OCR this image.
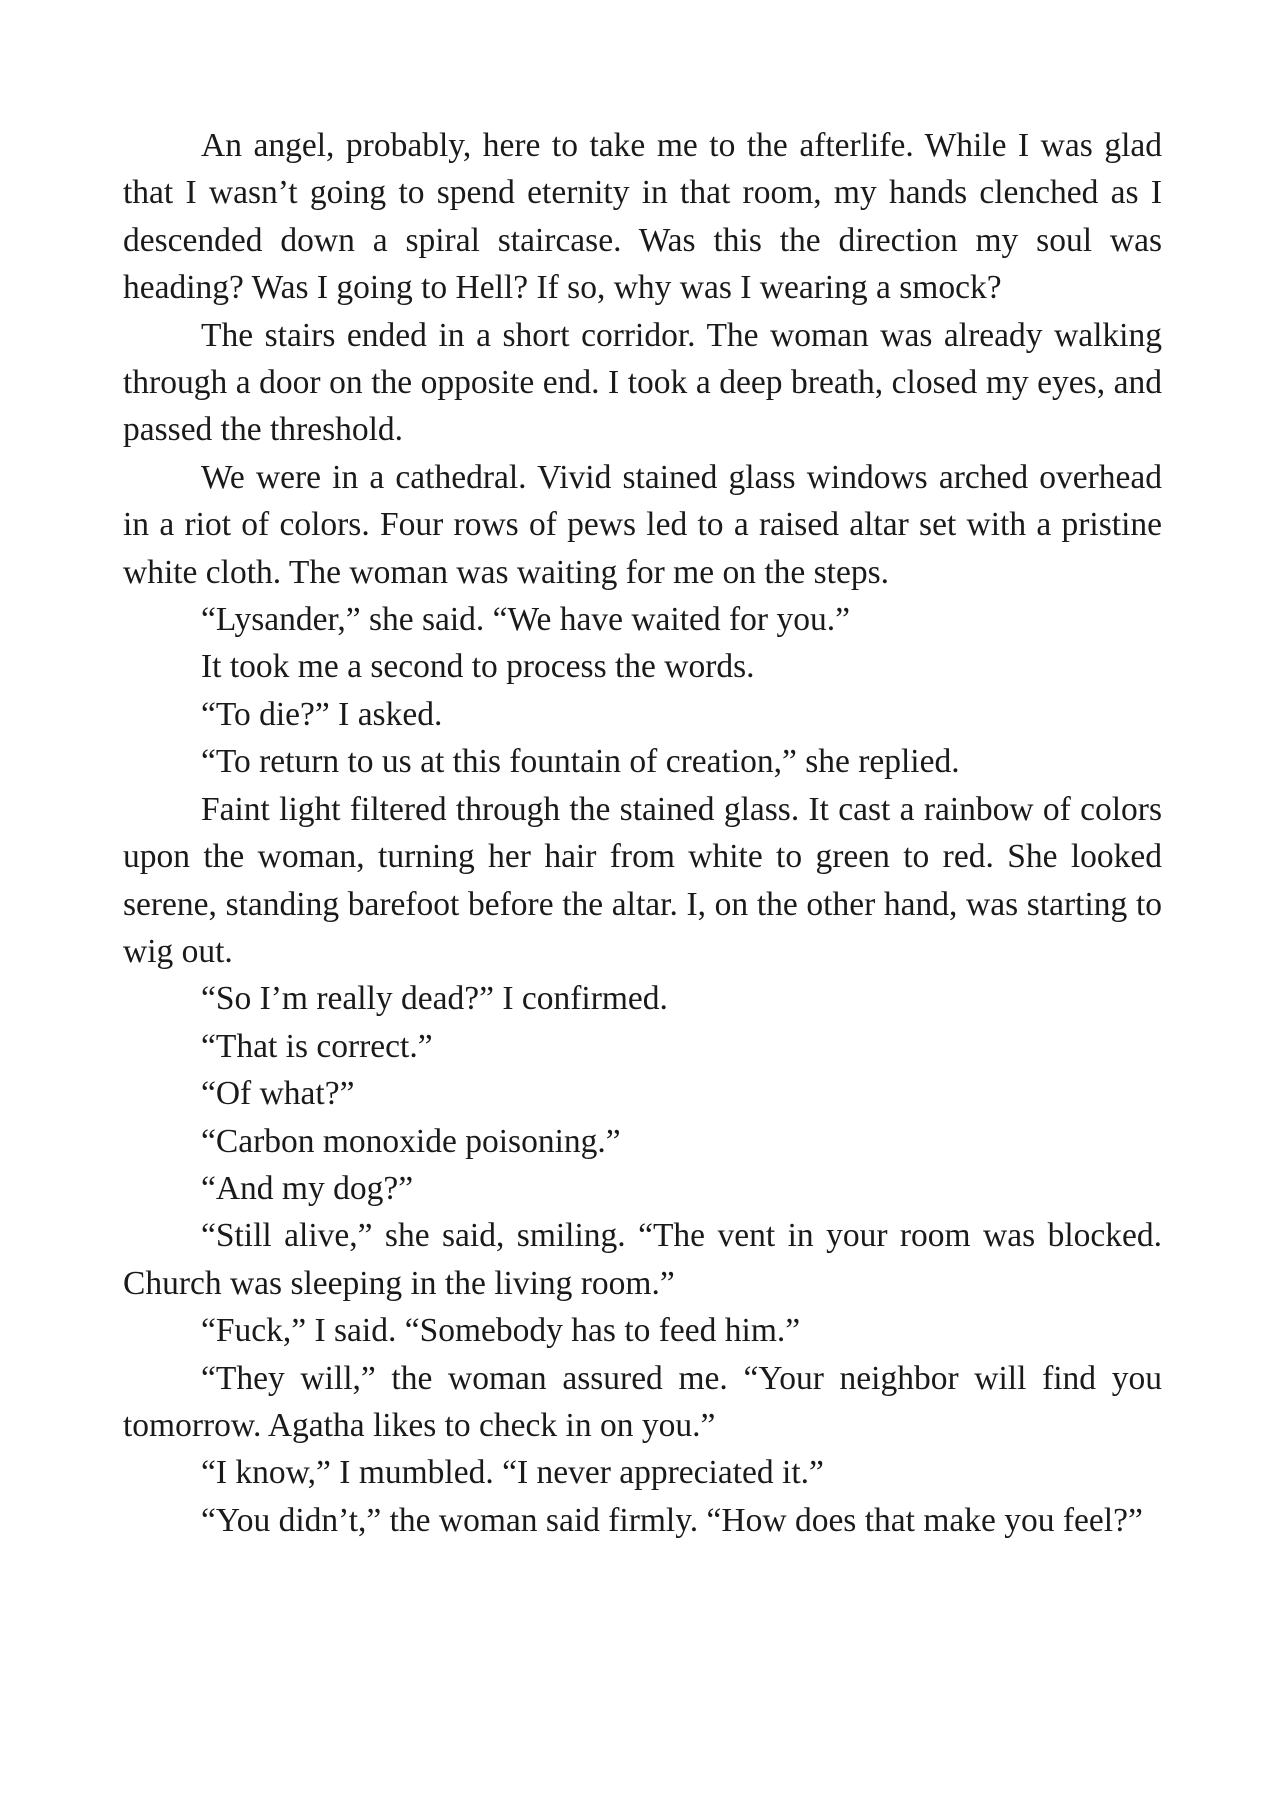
An angel, probably, here to take me to the afterlife. While I was glad that I wasn’t going to spend eternity in that room, my hands clenched as I descended down a spiral staircase. Was this the direction my soul was heading? Was I going to Hell? If so, why was I wearing a smock?

The stairs ended in a short corridor. The woman was already walking through a door on the opposite end. I took a deep breath, closed my eyes, and passed the threshold.

We were in a cathedral. Vivid stained glass windows arched overhead in a riot of colors. Four rows of pews led to a raised altar set with a pristine white cloth. The woman was waiting for me on the steps.

“Lysander,” she said. “We have waited for you.”

It took me a second to process the words.

“To die?” I asked.

“To return to us at this fountain of creation,” she replied.

Faint light filtered through the stained glass. It cast a rainbow of colors upon the woman, turning her hair from white to green to red. She looked serene, standing barefoot before the altar. I, on the other hand, was starting to wig out.

“So I’m really dead?” I confirmed.

“That is correct.”

“Of what?”

“Carbon monoxide poisoning.”

“And my dog?”

“Still alive,” she said, smiling. “The vent in your room was blocked. Church was sleeping in the living room.”

“Fuck,” I said. “Somebody has to feed him.”

“They will,” the woman assured me. “Your neighbor will find you tomorrow. Agatha likes to check in on you.”

“I know,” I mumbled. “I never appreciated it.”

“You didn’t,” the woman said firmly. “How does that make you feel?”
